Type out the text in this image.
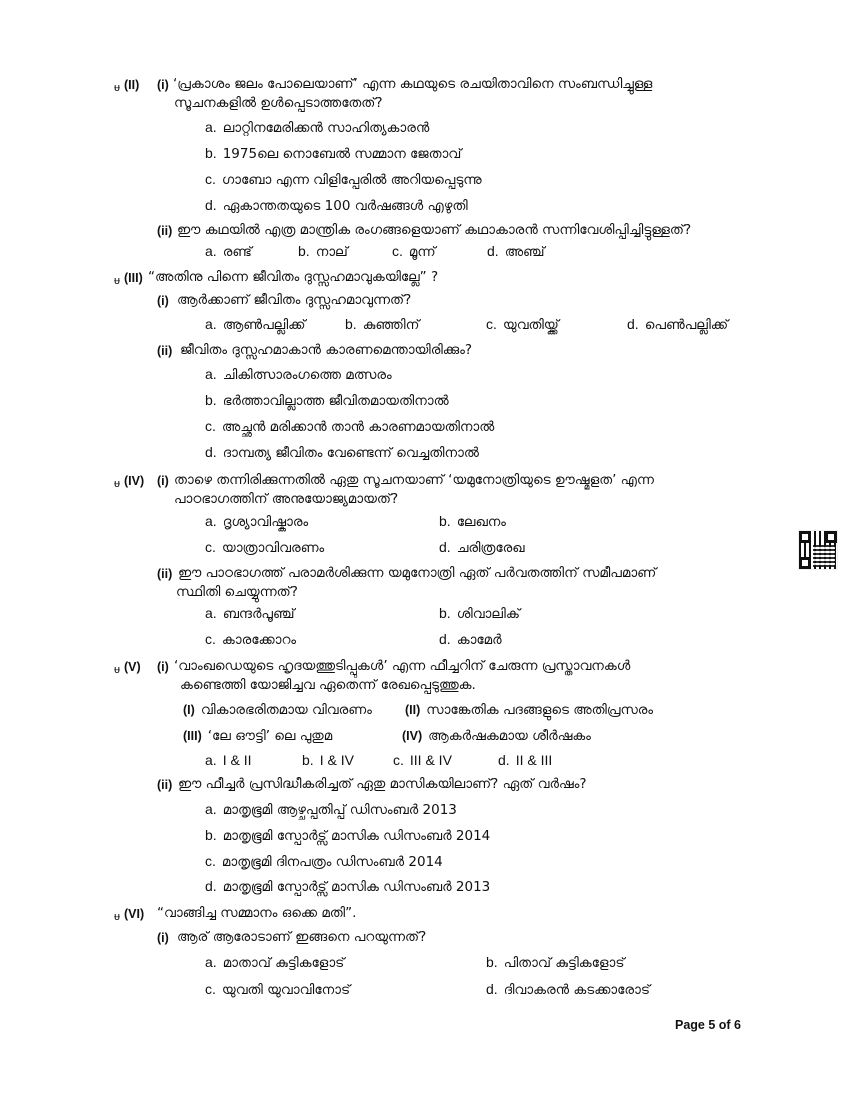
ᵾ (II) (i) ‘പ്രകാശം ജലം പോലെയാണ്’ എന്ന കഥയുടെ രചയിതാവിനെ സംബന്ധിച്ചുള്ള
സൂചനകളിൽ ഉൾപ്പെടാത്തതേത്?
a. ലാറ്റിനമേരിക്കൻ സാഹിത്യകാരൻ
b. 1975ലെ നൊബേൽ സമ്മാന ജേതാവ്
c. ഗാബോ എന്ന വിളിപ്പേരിൽ അറിയപ്പെടുന്നു
d. ഏകാന്തതയുടെ 100 വർഷങ്ങൾ എഴുതി
(ii) ഈ കഥയിൽ എത്ര മാന്ത്രിക രംഗങ്ങളെയാണ് കഥാകാരൻ സന്നിവേശിപ്പിച്ചിട്ടുള്ളത്?
a. രണ്ട്	b. നാല്	c. മൂന്ന്	d. അഞ്ച്
ᵾ (III) “അതിനു പിന്നെ ജീവിതം ദുസ്സഹമാവുകയില്ലേ” ?
(i) ആർക്കാണ് ജീവിതം ദുസ്സഹമാവുന്നത്?
a. ആൺപല്ലിക്ക്	b. കുഞ്ഞിന്	c. യുവതിയ്ക്ക്	d. പെൺപല്ലിക്ക്
(ii) ജീവിതം ദുസ്സഹമാകാൻ കാരണമെന്തായിരിക്കും?
a. ചികിത്സാരംഗത്തെ മത്സരം
b. ഭർത്താവില്ലാത്ത ജീവിതമായതിനാൽ
c. അച്ഛൻ മരിക്കാൻ താൻ കാരണമായതിനാൽ
d. ദാമ്പത്യ ജീവിതം വേണ്ടെന്ന് വെച്ചതിനാൽ
ᵾ (IV) (i) താഴെ തന്നിരിക്കുന്നതിൽ ഏതു സൂചനയാണ് ‘യമുനോത്രിയുടെ ഊഷ്മളത’ എന്ന
പാഠഭാഗത്തിന് അനുയോജ്യമായത്?
a. ദൃശ്യാവിഷ്കാരം	b. ലേഖനം
c. യാത്രാവിവരണം	d. ചരിത്രരേഖ
(ii) ഈ പാഠഭാഗത്ത് പരാമർശിക്കുന്ന യമുനോത്രി ഏത് പർവതത്തിന് സമീപമാണ്
സ്ഥിതി ചെയ്യുന്നത്?
a. ബന്ദർപൂഞ്ച്	b. ശിവാലിക്
c. കാരക്കോറം	d. കാമേർ
ᵾ (V) (i) ‘വാംഖഡെയുടെ ഹൃദയത്തുടിപ്പുകൾ’ എന്ന ഫീച്ചറിന് ചേരുന്ന പ്രസ്താവനകൾ
കണ്ടെത്തി യോജിച്ചവ ഏതെന്ന് രേഖപ്പെടുത്തുക.
(I) വികാരഭരിതമായ വിവരണം	(II) സാങ്കേതിക പദങ്ങളുടെ അതിപ്രസരം
(III) ‘ലേ ഔട്ടി’ ലെ പുതുമ	(IV) ആകർഷകമായ ശീർഷകം
a. I & II	b. I & IV	c. III & IV	d. II & III
(ii) ഈ ഫീച്ചർ പ്രസിദ്ധീകരിച്ചത് ഏതു മാസികയിലാണ്? ഏത് വർഷം?
a. മാതൃഭൂമി ആഴ്ചപ്പതിപ്പ് ഡിസംബർ 2013
b. മാതൃഭൂമി സ്പോർട്സ് മാസിക ഡിസംബർ 2014
c. മാതൃഭൂമി ദിനപത്രം ഡിസംബർ 2014
d. മാതൃഭൂമി സ്പോർട്സ് മാസിക ഡിസംബർ 2013
ᵾ (VI) “വാങ്ങിച്ച സമ്മാനം ഒക്കെ മതി”.
(i) ആര് ആരോടാണ് ഇങ്ങനെ പറയുന്നത്?
a. മാതാവ് കുട്ടികളോട്	b. പിതാവ് കുട്ടികളോട്
c. യുവതി യുവാവിനോട്	d. ദിവാകരൻ കടക്കാരോട്
Page 5 of 6
